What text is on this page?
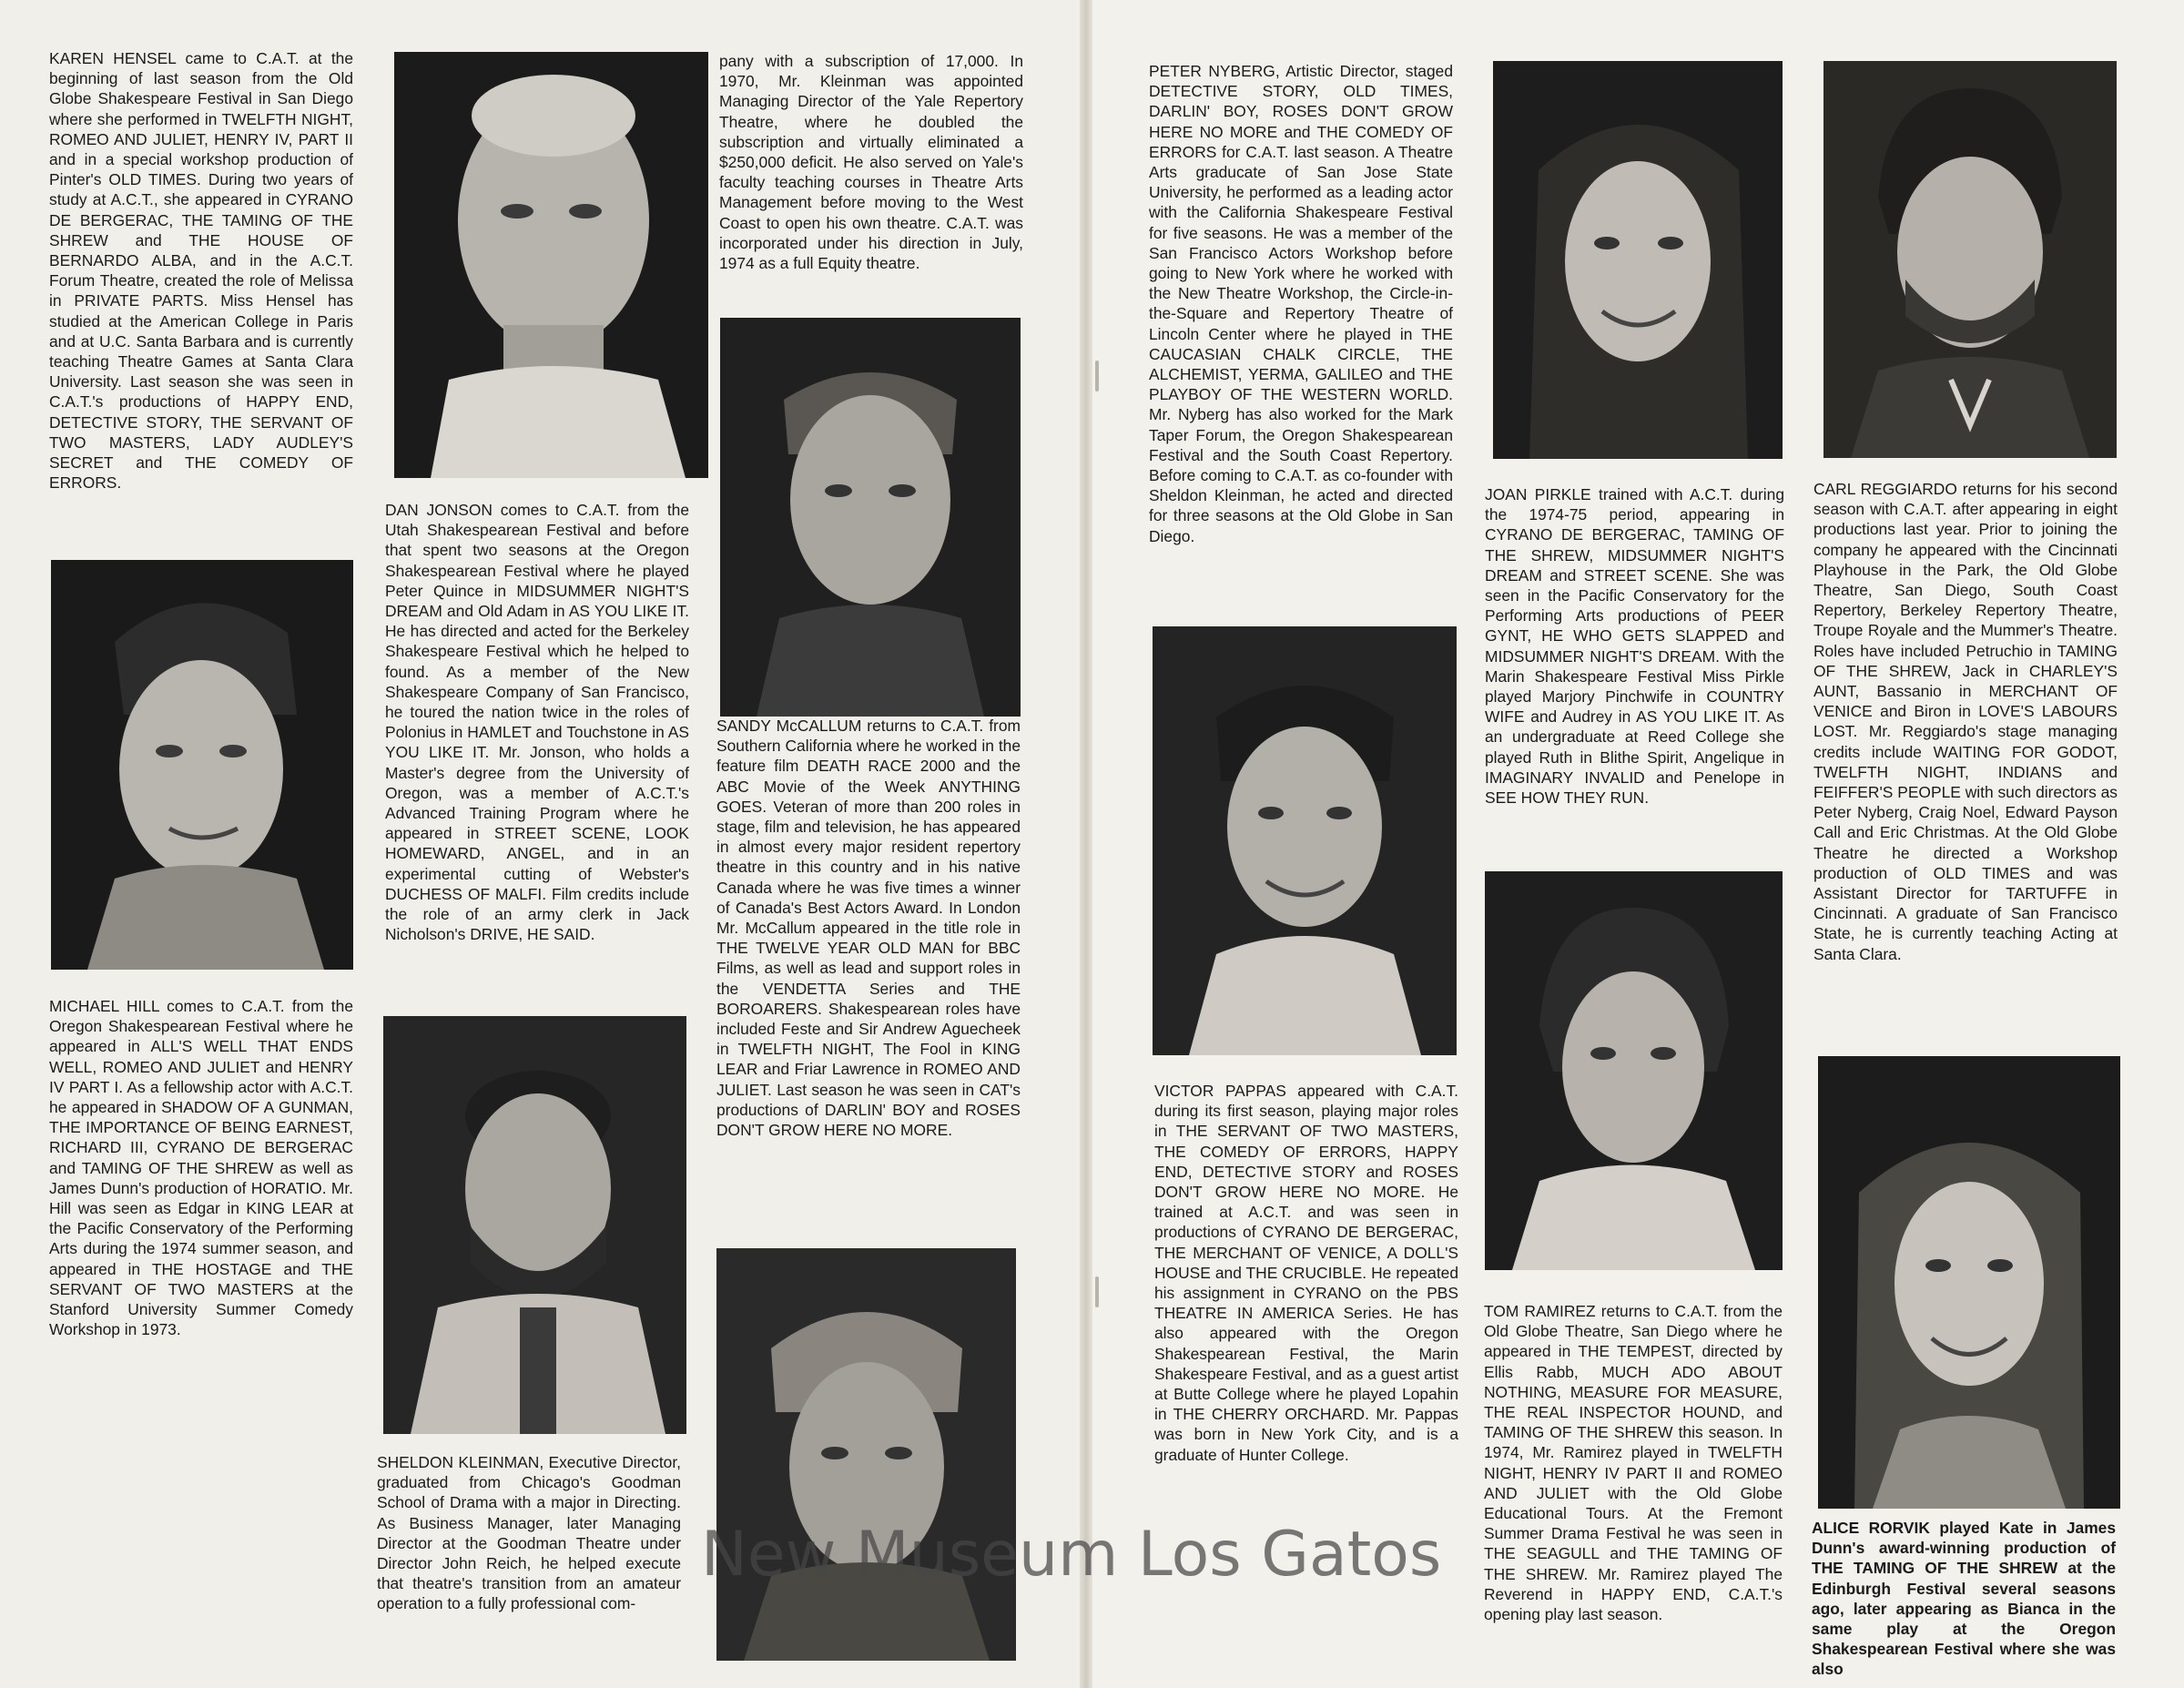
KAREN HENSEL came to C.A.T. at the beginning of last season from the Old Globe Shakespeare Festival in San Diego where she performed in TWELFTH NIGHT, ROMEO AND JULIET, HENRY IV, PART II and in a special workshop production of Pinter's OLD TIMES. During two years of study at A.C.T., she appeared in CYRANO DE BERGERAC, THE TAMING OF THE SHREW and THE HOUSE OF BERNARDO ALBA, and in the A.C.T. Forum Theatre, created the role of Melissa in PRIVATE PARTS. Miss Hensel has studied at the American College in Paris and at U.C. Santa Barbara and is currently teaching Theatre Games at Santa Clara University. Last season she was seen in C.A.T.'s productions of HAPPY END, DETECTIVE STORY, THE SERVANT OF TWO MASTERS, LADY AUDLEY'S SECRET and THE COMEDY OF ERRORS.

MICHAEL HILL comes to C.A.T. from the Oregon Shakespearean Festival where he appeared in ALL'S WELL THAT ENDS WELL, ROMEO AND JULIET and HENRY IV PART I. As a fellowship actor with A.C.T. he appeared in SHADOW OF A GUNMAN, THE IMPORTANCE OF BEING EARNEST, RICHARD III, CYRANO DE BERGERAC and TAMING OF THE SHREW as well as James Dunn's production of HORATIO. Mr. Hill was seen as Edgar in KING LEAR at the Pacific Conservatory of the Performing Arts during the 1974 summer season, and appeared in THE HOSTAGE and THE SERVANT OF TWO MASTERS at the Stanford University Summer Comedy Workshop in 1973.

DAN JONSON comes to C.A.T. from the Utah Shakespearean Festival and before that spent two seasons at the Oregon Shakespearean Festival where he played Peter Quince in MIDSUMMER NIGHT'S DREAM and Old Adam in AS YOU LIKE IT. He has directed and acted for the Berkeley Shakespeare Festival which he helped to found. As a member of the New Shakespeare Company of San Francisco, he toured the nation twice in the roles of Polonius in HAMLET and Touchstone in AS YOU LIKE IT. Mr. Jonson, who holds a Master's degree from the University of Oregon, was a member of A.C.T.'s Advanced Training Program where he appeared in STREET SCENE, LOOK HOMEWARD, ANGEL, and in an experimental cutting of Webster's DUCHESS OF MALFI. Film credits include the role of an army clerk in Jack Nicholson's DRIVE, HE SAID.

SHELDON KLEINMAN, Executive Director, graduated from Chicago's Goodman School of Drama with a major in Directing. As Business Manager, later Managing Director at the Goodman Theatre under Director John Reich, he helped execute that theatre's transition from an amateur operation to a fully professional com-

pany with a subscription of 17,000. In 1970, Mr. Kleinman was appointed Managing Director of the Yale Repertory Theatre, where he doubled the subscription and virtually eliminated a $250,000 deficit. He also served on Yale's faculty teaching courses in Theatre Arts Management before moving to the West Coast to open his own theatre. C.A.T. was incorporated under his direction in July, 1974 as a full Equity theatre.

SANDY McCALLUM returns to C.A.T. from Southern California where he worked in the feature film DEATH RACE 2000 and the ABC Movie of the Week ANYTHING GOES. Veteran of more than 200 roles in stage, film and television, he has appeared in almost every major resident repertory theatre in this country and in his native Canada where he was five times a winner of Canada's Best Actors Award. In London Mr. McCallum appeared in the title role in THE TWELVE YEAR OLD MAN for BBC Films, as well as lead and support roles in the VENDETTA Series and THE BOROARERS. Shakespearean roles have included Feste and Sir Andrew Aguecheek in TWELFTH NIGHT, The Fool in KING LEAR and Friar Lawrence in ROMEO AND JULIET. Last season he was seen in CAT's productions of DARLIN' BOY and ROSES DON'T GROW HERE NO MORE.

PETER NYBERG, Artistic Director, staged DETECTIVE STORY, OLD TIMES, DARLIN' BOY, ROSES DON'T GROW HERE NO MORE and THE COMEDY OF ERRORS for C.A.T. last season. A Theatre Arts graducate of San Jose State University, he performed as a leading actor with the California Shakespeare Festival for five seasons. He was a member of the San Francisco Actors Workshop before going to New York where he worked with the New Theatre Workshop, the Circle-in-the-Square and Repertory Theatre of Lincoln Center where he played in THE CAUCASIAN CHALK CIRCLE, THE ALCHEMIST, YERMA, GALILEO and THE PLAYBOY OF THE WESTERN WORLD. Mr. Nyberg has also worked for the Mark Taper Forum, the Oregon Shakespearean Festival and the South Coast Repertory. Before coming to C.A.T. as co-founder with Sheldon Kleinman, he acted and directed for three seasons at the Old Globe in San Diego.

VICTOR PAPPAS appeared with C.A.T. during its first season, playing major roles in THE SERVANT OF TWO MASTERS, THE COMEDY OF ERRORS, HAPPY END, DETECTIVE STORY and ROSES DON'T GROW HERE NO MORE. He trained at A.C.T. and was seen in productions of CYRANO DE BERGERAC, THE MERCHANT OF VENICE, A DOLL'S HOUSE and THE CRUCIBLE. He repeated his assignment in CYRANO on the PBS THEATRE IN AMERICA Series. He has also appeared with the Oregon Shakespearean Festival, the Marin Shakespeare Festival, and as a guest artist at Butte College where he played Lopahin in THE CHERRY ORCHARD. Mr. Pappas was born in New York City, and is a graduate of Hunter College.

JOAN PIRKLE trained with A.C.T. during the 1974-75 period, appearing in CYRANO DE BERGERAC, TAMING OF THE SHREW, MIDSUMMER NIGHT'S DREAM and STREET SCENE. She was seen in the Pacific Conservatory for the Performing Arts productions of PEER GYNT, HE WHO GETS SLAPPED and MIDSUMMER NIGHT'S DREAM. With the Marin Shakespeare Festival Miss Pirkle played Marjory Pinchwife in COUNTRY WIFE and Audrey in AS YOU LIKE IT. As an undergraduate at Reed College she played Ruth in Blithe Spirit, Angelique in IMAGINARY INVALID and Penelope in SEE HOW THEY RUN.

TOM RAMIREZ returns to C.A.T. from the Old Globe Theatre, San Diego where he appeared in THE TEMPEST, directed by Ellis Rabb, MUCH ADO ABOUT NOTHING, MEASURE FOR MEASURE, THE REAL INSPECTOR HOUND, and TAMING OF THE SHREW this season. In 1974, Mr. Ramirez played in TWELFTH NIGHT, HENRY IV PART II and ROMEO AND JULIET with the Old Globe Educational Tours. At the Fremont Summer Drama Festival he was seen in THE SEAGULL and THE TAMING OF THE SHREW. Mr. Ramirez played The Reverend in HAPPY END, C.A.T.'s opening play last season.

CARL REGGIARDO returns for his second season with C.A.T. after appearing in eight productions last year. Prior to joining the company he appeared with the Cincinnati Playhouse in the Park, the Old Globe Theatre, San Diego, South Coast Repertory, Berkeley Repertory Theatre, Troupe Royale and the Mummer's Theatre. Roles have included Petruchio in TAMING OF THE SHREW, Jack in CHARLEY'S AUNT, Bassanio in MERCHANT OF VENICE and Biron in LOVE'S LABOURS LOST. Mr. Reggiardo's stage managing credits include WAITING FOR GODOT, TWELFTH NIGHT, INDIANS and FEIFFER'S PEOPLE with such directors as Peter Nyberg, Craig Noel, Edward Payson Call and Eric Christmas. At the Old Globe Theatre he directed a Workshop production of OLD TIMES and was Assistant Director for TARTUFFE in Cincinnati. A graduate of San Francisco State, he is currently teaching Acting at Santa Clara.

ALICE RORVIK played Kate in James Dunn's award-winning production of THE TAMING OF THE SHREW at the Edinburgh Festival several seasons ago, later appearing as Bianca in the same play at the Oregon Shakespearean Festival where she was also

New Museum Los Gatos
